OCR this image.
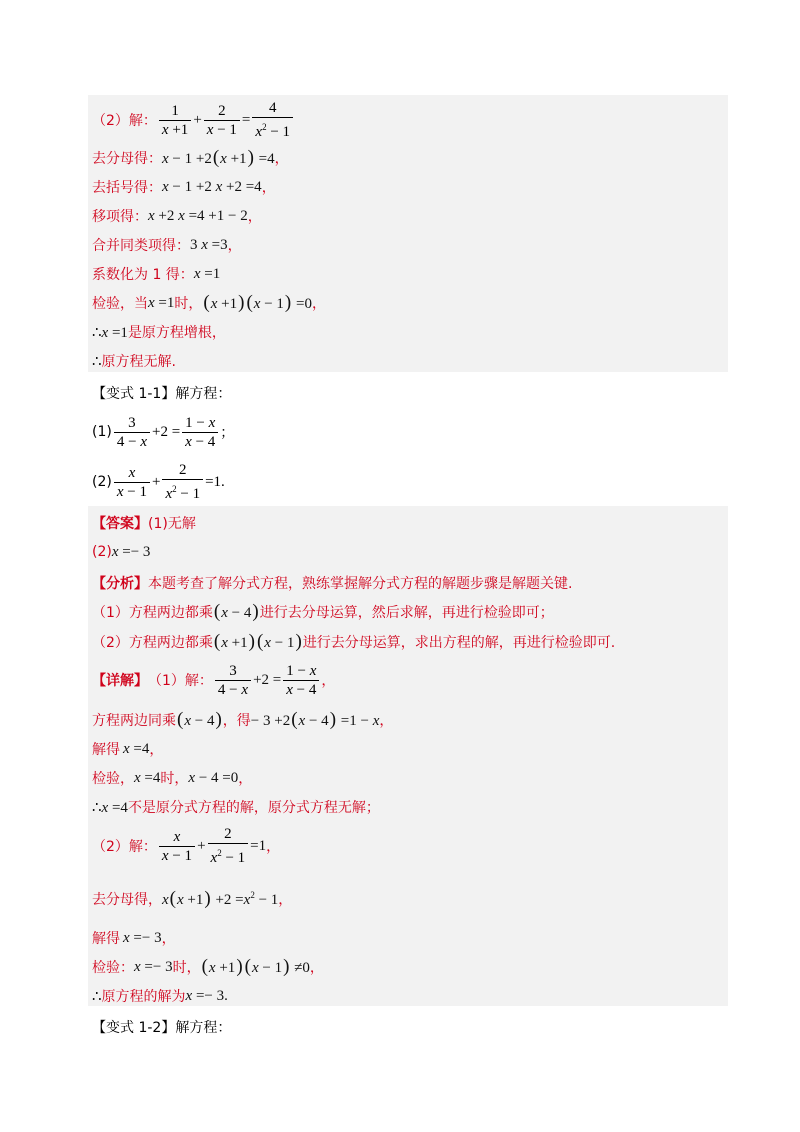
（2）解： $\frac{1}{x +1} + \frac{2}{x - 1} = \frac{4}{x^2 - 1}$
去分母得： x − 1 +2(x +1) =4 ，
去括号得： x − 1 +2 x +2 =4 ，
移项得： x +2 x =4 +1 − 2 ，
合并同类项得： 3 x =3 ，
系数化为 1 得： x =1
检验，当 x =1 时， (x +1) (x − 1) =0 ，
∴x =1 是原方程增根，
∴ 原方程无解.
【变式 1-1】解方程：
$(1) \frac{3}{4 - x} +2 = \frac{1 - x}{x - 4}$ ；
$(2) \frac{x}{x - 1} + \frac{2}{x^2 - 1} =1$.
【答案】 (1)无解
(2) x =− 3
【分析】 本题考查了解分式方程，熟练掌握解分式方程的解题步骤是解题关键.
（1）方程两边都乘 (x − 4) 进行去分母运算，然后求解，再进行检验即可；
（2）方程两边都乘 (x +1) (x − 1) 进行去分母运算，求出方程的解，再进行检验即可.
【详解】 （1）解： $\frac{3}{4 - x} +2 = \frac{1 - x}{x - 4}$ ，
方程两边同乘 (x − 4) ，得 − 3 +2(x − 4) =1 − x ，
解得 x =4 ，
检验， x =4 时， x − 4 =0 ，
∴x =4 不是原分式方程的解，原分式方程无解；
（2）解： $\frac{x}{x - 1} + \frac{2}{x^2 - 1} =1$ ，
去分母得， $x(x +1) +2 =x^2 - 1$ ，
解得 x =− 3 ，
检验： x =− 3 时， (x +1) (x − 1) ≠0 ，
∴ 原方程的解为 x =− 3.
【变式 1-2】解方程：
